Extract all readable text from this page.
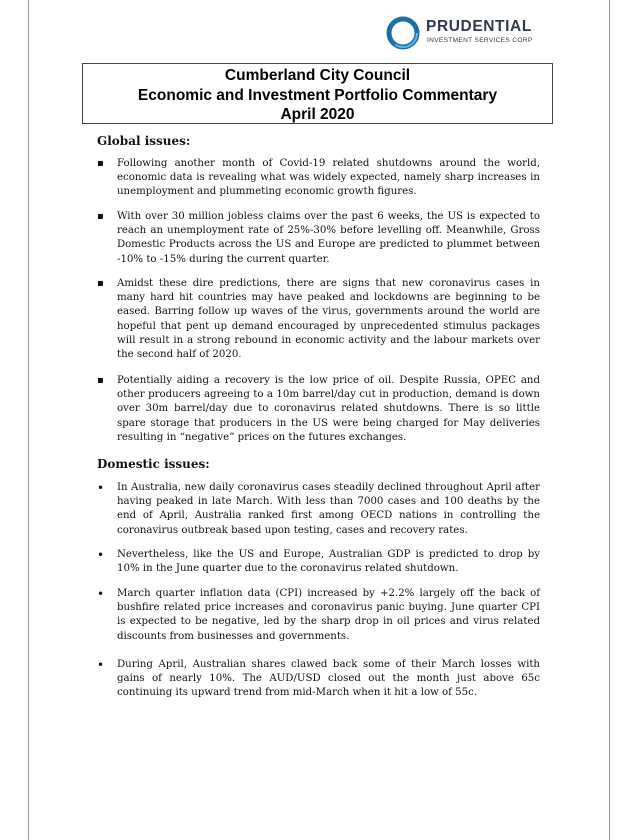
PRUDENTIAL
INVESTMENT SERVICES CORP
Cumberland City Council
Economic and Investment Portfolio Commentary
April 2020
Global issues:
▪
Following another month of Covid-19 related shutdowns around the world, economic data is revealing what was widely expected, namely sharp increases in unemployment and plummeting economic growth figures.
▪
With over 30 million jobless claims over the past 6 weeks, the US is expected to reach an unemployment rate of 25%-30% before levelling off. Meanwhile, Gross Domestic Products across the US and Europe are predicted to plummet between -10% to -15% during the current quarter.
▪
Amidst these dire predictions, there are signs that new coronavirus cases in many hard hit countries may have peaked and lockdowns are beginning to be eased. Barring follow up waves of the virus, governments around the world are hopeful that pent up demand encouraged by unprecedented stimulus packages will result in a strong rebound in economic activity and the labour markets over the second half of 2020.
▪
Potentially aiding a recovery is the low price of oil. Despite Russia, OPEC and other producers agreeing to a 10m barrel/day cut in production, demand is down over 30m barrel/day due to coronavirus related shutdowns. There is so little spare storage that producers in the US were being charged for May deliveries resulting in “negative” prices on the futures exchanges.
Domestic issues:
•
In Australia, new daily coronavirus cases steadily declined throughout April after having peaked in late March. With less than 7000 cases and 100 deaths by the end of April, Australia ranked first among OECD nations in controlling the coronavirus outbreak based upon testing, cases and recovery rates.
•
Nevertheless, like the US and Europe, Australian GDP is predicted to drop by 10% in the June quarter due to the coronavirus related shutdown.
•
March quarter inflation data (CPI) increased by +2.2% largely off the back of bushfire related price increases and coronavirus panic buying. June quarter CPI is expected to be negative, led by the sharp drop in oil prices and virus related discounts from businesses and governments.
•
During April, Australian shares clawed back some of their March losses with gains of nearly 10%. The AUD/USD closed out the month just above 65c continuing its upward trend from mid-March when it hit a low of 55c.
